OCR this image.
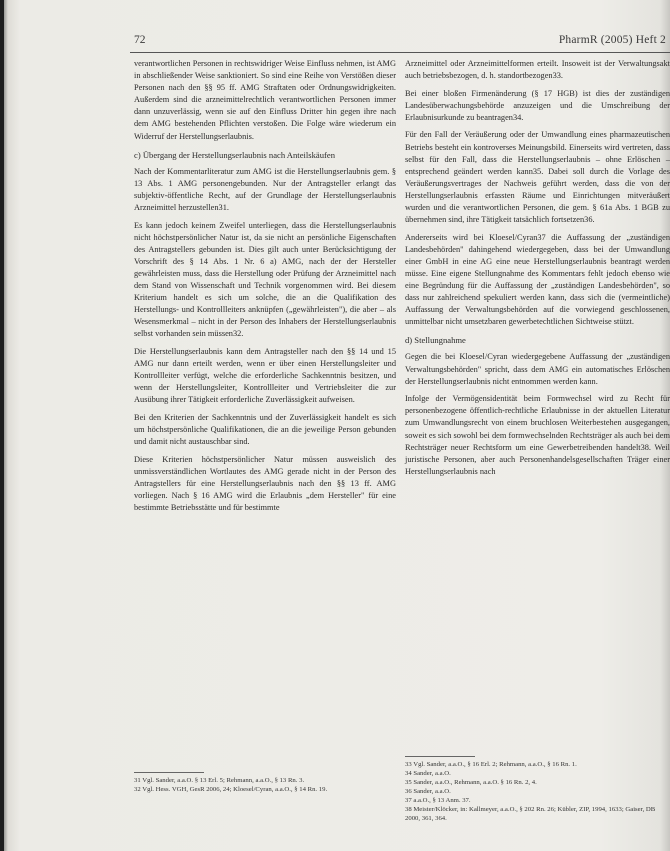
72	PharmR (2005) Heft 2

verantwortlichen Personen in rechtswidriger Weise Einfluss nehmen, ist AMG in abschließender Weise sanktioniert. So sind eine Reihe von Verstößen dieser Personen nach den §§ 95 ff. AMG Straftaten oder Ordnungswidrigkeiten. Außerdem sind die arzneimittelrechtlich verantwortlichen Personen immer dann unzuverlässig, wenn sie auf den Einfluss Dritter hin gegen ihre nach dem AMG bestehenden Pflichten verstoßen. Die Folge wäre wiederum ein Widerruf der Herstellungserlaubnis.

c) Übergang der Herstellungserlaubnis nach Anteilskäufen

Nach der Kommentarliteratur zum AMG ist die Herstellungserlaubnis gem. § 13 Abs. 1 AMG personengebunden. Nur der Antragsteller erlangt das subjektiv-öffentliche Recht, auf der Grundlage der Herstellungserlaubnis Arzneimittel herzustellen31.

Es kann jedoch keinem Zweifel unterliegen, dass die Herstellungserlaubnis nicht höchstpersönlicher Natur ist, da sie nicht an persönliche Eigenschaften des Antragstellers gebunden ist. Dies gilt auch unter Berücksichtigung der Vorschrift des § 14 Abs. 1 Nr. 6 a) AMG, nach der der Hersteller gewährleisten muss, dass die Herstellung oder Prüfung der Arzneimittel nach dem Stand von Wissenschaft und Technik vorgenommen wird. Bei diesem Kriterium handelt es sich um solche, die an die Qualifikation des Herstellungs- und Kontrollleiters anknüpfen („gewährleisten"), die aber – als Wesensmerkmal – nicht in der Person des Inhabers der Herstellungserlaubnis selbst vorhanden sein müssen32.

Die Herstellungserlaubnis kann dem Antragsteller nach den §§ 14 und 15 AMG nur dann erteilt werden, wenn er über einen Herstellungsleiter und Kontrollleiter verfügt, welche die erforderliche Sachkenntnis besitzen, und wenn der Herstellungsleiter, Kontrollleiter und Vertriebsleiter die zur Ausübung ihrer Tätigkeit erforderliche Zuverlässigkeit aufweisen.

Bei den Kriterien der Sachkenntnis und der Zuverlässigkeit handelt es sich um höchstpersönliche Qualifikationen, die an die jeweilige Person gebunden und damit nicht austauschbar sind.

Diese Kriterien höchstpersönlicher Natur müssen ausweislich des unmissverständlichen Wortlautes des AMG gerade nicht in der Person des Antragstellers für eine Herstellungserlaubnis nach den §§ 13 ff. AMG vorliegen. Nach § 16 AMG wird die Erlaubnis „dem Hersteller" für eine bestimmte Betriebsstätte und für bestimmte

Arzneimittel oder Arzneimittelformen erteilt. Insoweit ist der Verwaltungsakt auch betriebsbezogen, d. h. standortbezogen33.

Bei einer bloßen Firmenänderung (§ 17 HGB) ist dies der zuständigen Landesüberwachungsbehörde anzuzeigen und die Umschreibung der Erlaubnisurkunde zu beantragen34.

Für den Fall der Veräußerung oder der Umwandlung eines pharmazeutischen Betriebs besteht ein kontroverses Meinungsbild. Einerseits wird vertreten, dass selbst für den Fall, dass die Herstellungserlaubnis – ohne Erlöschen – entsprechend geändert werden kann35. Dabei soll durch die Vorlage des Veräußerungsvertrages der Nachweis geführt werden, dass die von der Herstellungserlaubnis erfassten Räume und Einrichtungen mitveräußert wurden und die verantwortlichen Personen, die gem. § 61a Abs. 1 BGB zu übernehmen sind, ihre Tätigkeit tatsächlich fortsetzen36.

Andererseits wird bei Kloesel/Cyran37 die Auffassung der „zuständigen Landesbehörden" dahingehend wiedergegeben, dass bei der Umwandlung einer GmbH in eine AG eine neue Herstellungserlaubnis beantragt werden müsse. Eine eigene Stellungnahme des Kommentars fehlt jedoch ebenso wie eine Begründung für die Auffassung der „zuständigen Landesbehörden", so dass nur zahlreichend spekuliert werden kann, dass sich die (vermeintliche) Auffassung der Verwaltungsbehörden auf die vorwiegend geschlossenen, unmittelbar nicht umsetzbaren gewerbetechtlichen Sichtweise stützt.

d) Stellungnahme

Gegen die bei Kloesel/Cyran wiedergegebene Auffassung der „zuständigen Verwaltungsbehörden" spricht, dass dem AMG ein automatisches Erlöschen der Herstellungserlaubnis nicht entnommen werden kann.

Infolge der Vermögensidentität beim Formwechsel wird zu Recht für personenbezogene öffentlich-rechtliche Erlaubnisse in der aktuellen Literatur zum Umwandlungsrecht von einem bruchlosen Weiterbestehen ausgegangen, soweit es sich sowohl bei dem formwechselnden Rechtsträger als auch bei dem Rechtsträger neuer Rechtsform um eine Gewerbetreibenden handelt38. Weil juristische Personen, aber auch Personenhandelsgesellschaften Träger einer Herstellungserlaubnis nach

31 Vgl. Sander, a.a.O. § 13 Erl. 5; Rehmann, a.a.O., § 13 Rn. 3.

32 Vgl. Hess. VGH, GesR 2006, 24; Kloesel/Cyran, a.a.O., § 14 Rn. 19.

33 Vgl. Sander, a.a.O., § 16 Erl. 2; Rehmann, a.a.O., § 16 Rn. 1.

34 Sander, a.a.O.

35 Sander, a.a.O., Rehmann, a.a.O. § 16 Rn. 2, 4.

36 Sander, a.a.O.

37 a.a.O., § 13 Anm. 37.

38 Meister/Klöcker, in: Kallmeyer, a.a.O., § 202 Rn. 26; Kübler, ZIP, 1994, 1633; Gaiser, DB 2000, 361, 364.
